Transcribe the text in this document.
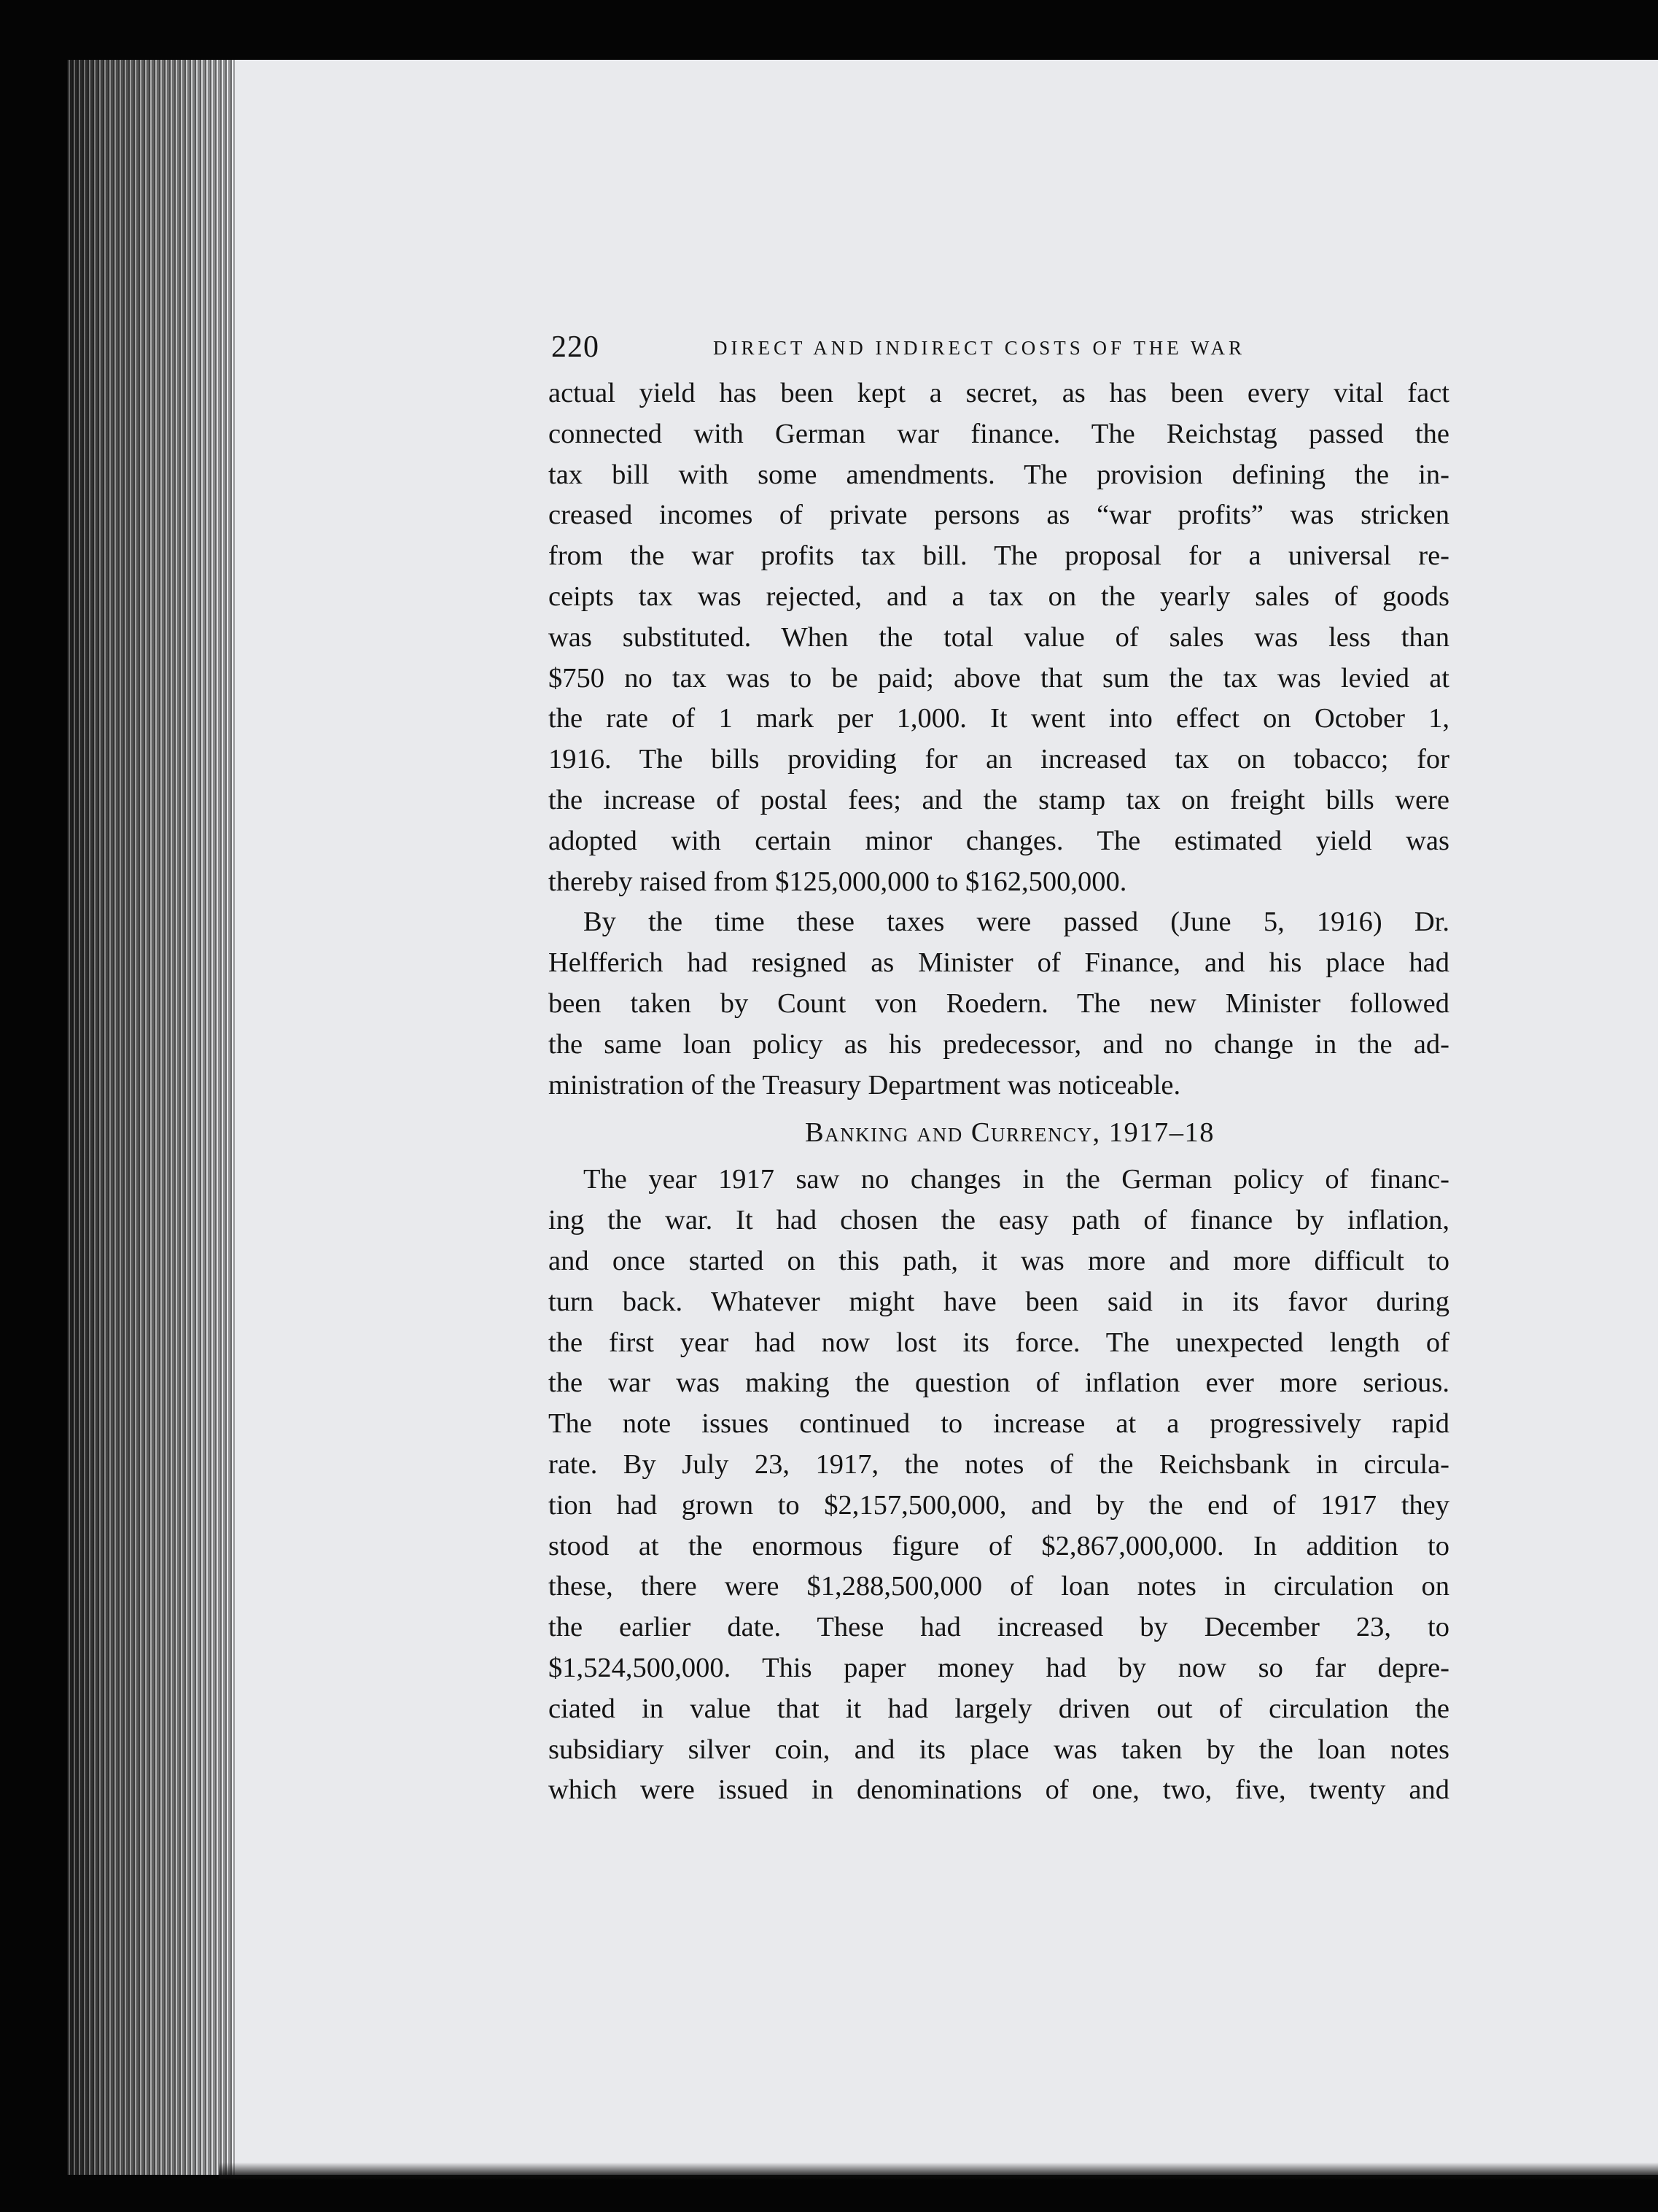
220	DIRECT AND INDIRECT COSTS OF THE WAR
actual yield has been kept a secret, as has been every vital fact
connected with German war finance. The Reichstag passed the
tax bill with some amendments. The provision defining the in-
creased incomes of private persons as “war profits” was stricken
from the war profits tax bill. The proposal for a universal re-
ceipts tax was rejected, and a tax on the yearly sales of goods
was substituted. When the total value of sales was less than
$750 no tax was to be paid; above that sum the tax was levied at
the rate of 1 mark per 1,000. It went into effect on October 1,
1916. The bills providing for an increased tax on tobacco; for
the increase of postal fees; and the stamp tax on freight bills were
adopted with certain minor changes. The estimated yield was
thereby raised from $125,000,000 to $162,500,000.
By the time these taxes were passed (June 5, 1916) Dr.
Helfferich had resigned as Minister of Finance, and his place had
been taken by Count von Roedern. The new Minister followed
the same loan policy as his predecessor, and no change in the ad-
ministration of the Treasury Department was noticeable.
Banking and Currency, 1917–18
The year 1917 saw no changes in the German policy of financ-
ing the war. It had chosen the easy path of finance by inflation,
and once started on this path, it was more and more difficult to
turn back. Whatever might have been said in its favor during
the first year had now lost its force. The unexpected length of
the war was making the question of inflation ever more serious.
The note issues continued to increase at a progressively rapid
rate. By July 23, 1917, the notes of the Reichsbank in circula-
tion had grown to $2,157,500,000, and by the end of 1917 they
stood at the enormous figure of $2,867,000,000. In addition to
these, there were $1,288,500,000 of loan notes in circulation on
the earlier date. These had increased by December 23, to
$1,524,500,000. This paper money had by now so far depre-
ciated in value that it had largely driven out of circulation the
subsidiary silver coin, and its place was taken by the loan notes
which were issued in denominations of one, two, five, twenty and
